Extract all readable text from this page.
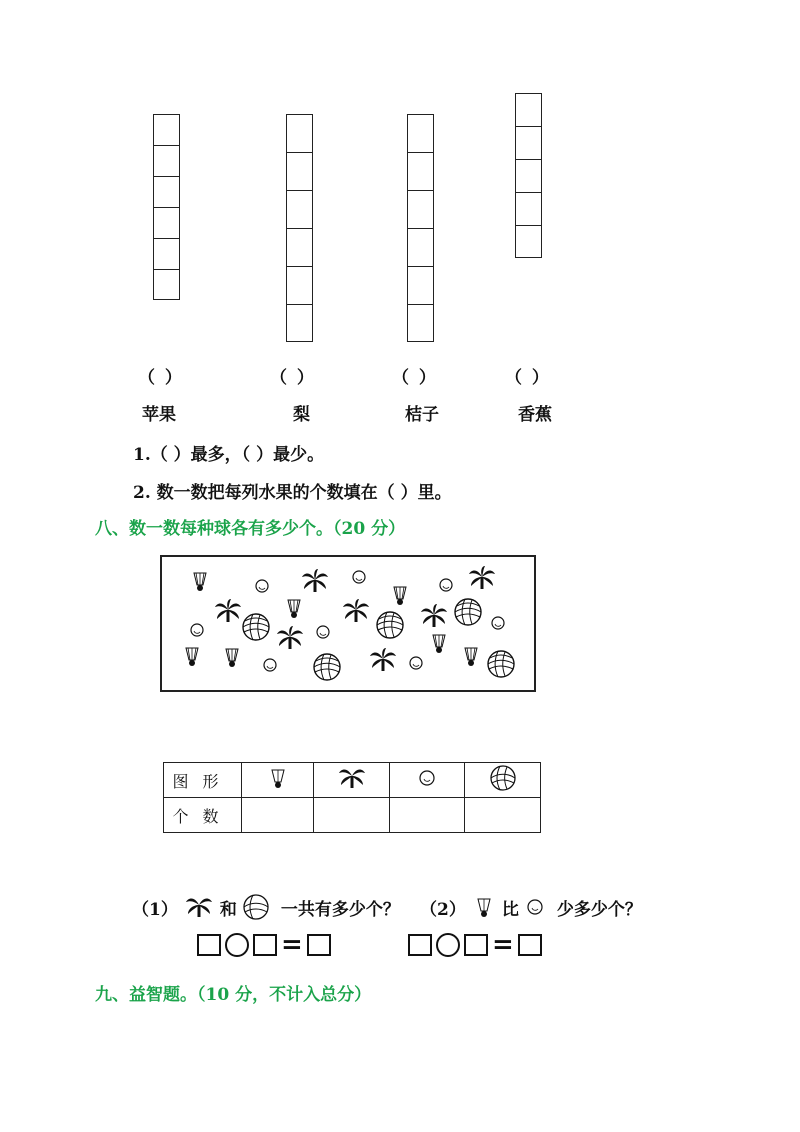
（ ）	（ ）	（ ）	（ ）
苹果	梨	桔子	香蕉
1.（ ）最多，（ ）最少。
2. 数一数把每列水果的个数填在（ ）里。
八、数一数每种球各有多少个。（20 分）
图形				
个数				
（1） 和	一共有多少个？ （2） 比 少多少个？
=	=
九、益智题。（10 分，不计入总分）
